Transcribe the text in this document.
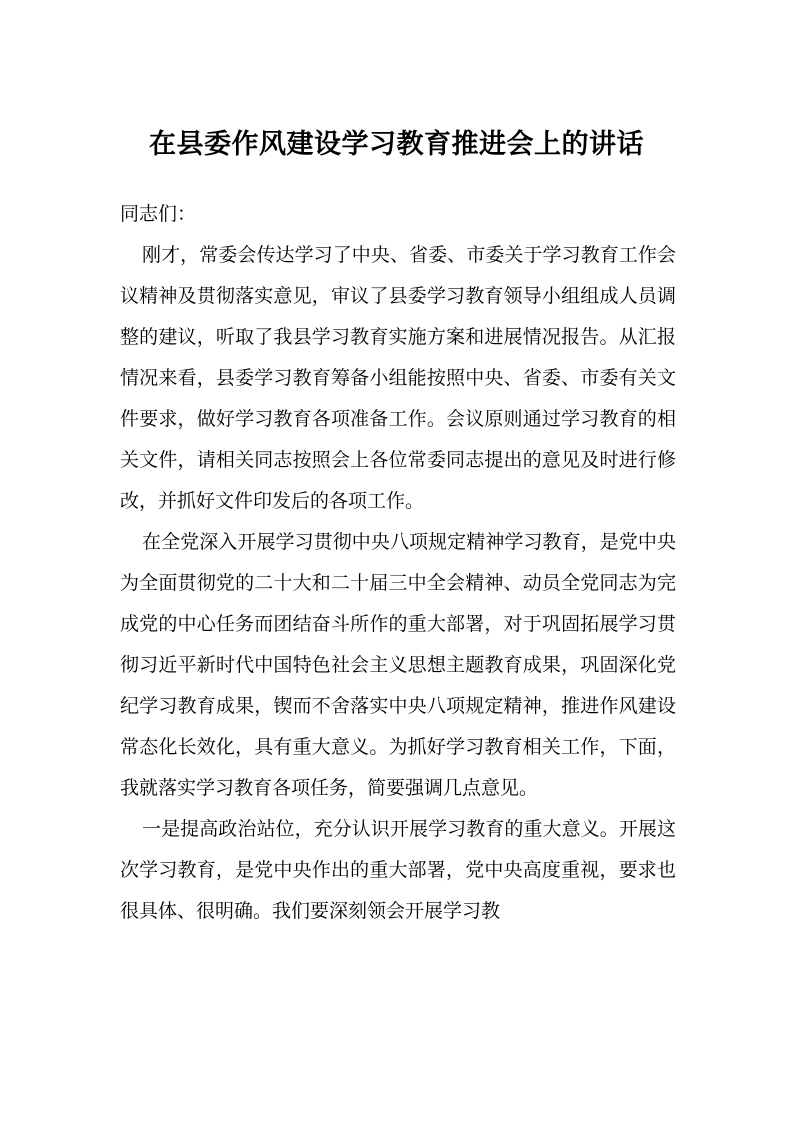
在县委作风建设学习教育推进会上的讲话

同志们：

刚才，常委会传达学习了中央、省委、市委关于学习教育工作会议精神及贯彻落实意见，审议了县委学习教育领导小组组成人员调整的建议，听取了我县学习教育实施方案和进展情况报告。从汇报情况来看，县委学习教育筹备小组能按照中央、省委、市委有关文件要求，做好学习教育各项准备工作。会议原则通过学习教育的相关文件，请相关同志按照会上各位常委同志提出的意见及时进行修改，并抓好文件印发后的各项工作。

在全党深入开展学习贯彻中央八项规定精神学习教育，是党中央为全面贯彻党的二十大和二十届三中全会精神、动员全党同志为完成党的中心任务而团结奋斗所作的重大部署，对于巩固拓展学习贯彻习近平新时代中国特色社会主义思想主题教育成果，巩固深化党纪学习教育成果，锲而不舍落实中央八项规定精神，推进作风建设常态化长效化，具有重大意义。为抓好学习教育相关工作，下面，我就落实学习教育各项任务，简要强调几点意见。

一是提高政治站位，充分认识开展学习教育的重大意义。开展这次学习教育，是党中央作出的重大部署，党中央高度重视，要求也很具体、很明确。我们要深刻领会开展学习教
